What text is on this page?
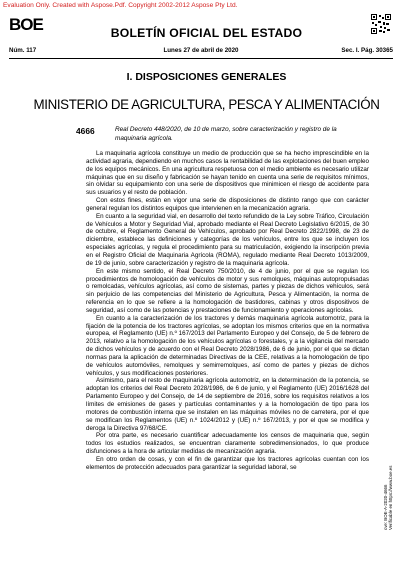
Evaluation Only. Created with Aspose.Pdf. Copyright 2002-2012 Aspose Pty Ltd.
BOE	BOLETÍN OFICIAL DEL ESTADO
Núm. 117	Lunes 27 de abril de 2020	Sec. I. Pág. 30365
I. DISPOSICIONES GENERALES
MINISTERIO DE AGRICULTURA, PESCA Y ALIMENTACIÓN
4666	Real Decreto 448/2020, de 10 de marzo, sobre caracterización y registro de la maquinaria agrícola.

La maquinaria agrícola constituye un medio de producción que se ha hecho imprescindible en la actividad agraria, dependiendo en muchos casos la rentabilidad de las explotaciones del buen empleo de los equipos mecánicos. En una agricultura respetuosa con el medio ambiente es necesario utilizar máquinas que en su diseño y fabricación se hayan tenido en cuenta una serie de requisitos mínimos, sin olvidar su equipamiento con una serie de dispositivos que minimicen el riesgo de accidente para sus usuarios y el resto de población.

Con estos fines, están en vigor una serie de disposiciones de distinto rango que con carácter general regulan los distintos equipos que intervienen en la mecanización agraria.

En cuanto a la seguridad vial, en desarrollo del texto refundido de la Ley sobre Tráfico, Circulación de Vehículos a Motor y Seguridad Vial, aprobado mediante el Real Decreto Legislativo 6/2015, de 30 de octubre, el Reglamento General de Vehículos, aprobado por Real Decreto 2822/1998, de 23 de diciembre, establece las definiciones y categorías de los vehículos, entre los que se incluyen los especiales agrícolas, y regula el procedimiento para su matriculación, exigiendo la inscripción previa en el Registro Oficial de Maquinaria Agrícola (ROMA), regulado mediante Real Decreto 1013/2009, de 19 de junio, sobre caracterización y registro de la maquinaria agrícola.

En este mismo sentido, el Real Decreto 750/2010, de 4 de junio, por el que se regulan los procedimientos de homologación de vehículos de motor y sus remolques, máquinas autopropulsadas o remolcadas, vehículos agrícolas, así como de sistemas, partes y piezas de dichos vehículos, será sin perjuicio de las competencias del Ministerio de Agricultura, Pesca y Alimentación, la norma de referencia en lo que se refiere a la homologación de bastidores, cabinas y otros dispositivos de seguridad, así como de las potencias y prestaciones de funcionamiento y operaciones agrícolas.

En cuanto a la caracterización de los tractores y demás maquinaria agrícola automotriz, para la fijación de la potencia de los tractores agrícolas, se adoptan los mismos criterios que en la normativa europea, el Reglamento (UE) n.º 167/2013 del Parlamento Europeo y del Consejo, de 5 de febrero de 2013, relativo a la homologación de los vehículos agrícolas o forestales, y a la vigilancia del mercado de dichos vehículos y de acuerdo con el Real Decreto 2028/1986, de 6 de junio, por el que se dictan normas para la aplicación de determinadas Directivas de la CEE, relativas a la homologación de tipo de vehículos automóviles, remolques y semirremolques, así como de partes y piezas de dichos vehículos, y sus modificaciones posteriores.

Asimismo, para el resto de maquinaria agrícola automotriz, en la determinación de la potencia, se adoptan los criterios del Real Decreto 2028/1986, de 6 de junio, y el Reglamento (UE) 2016/1628 del Parlamento Europeo y del Consejo, de 14 de septiembre de 2016, sobre los requisitos relativos a los límites de emisiones de gases y partículas contaminantes y a la homologación de tipo para los motores de combustión interna que se instalen en las máquinas móviles no de carretera, por el que se modifican los Reglamentos (UE) n.º 1024/2012 y (UE) n.º 167/2013, y por el que se modifica y deroga la Directiva 97/68/CE.

Por otra parte, es necesario cuantificar adecuadamente los censos de maquinaria que, según todos los estudios realizados, se encuentran claramente sobredimensionados, lo que produce disfunciones a la hora de articular medidas de mecanización agraria.

En otro orden de cosas, y con el fin de garantizar que los tractores agrícolas cuentan con los elementos de protección adecuados para garantizar la seguridad laboral, se

cve: BOE-A-2020-4666 Verificable en https://www.boe.es
